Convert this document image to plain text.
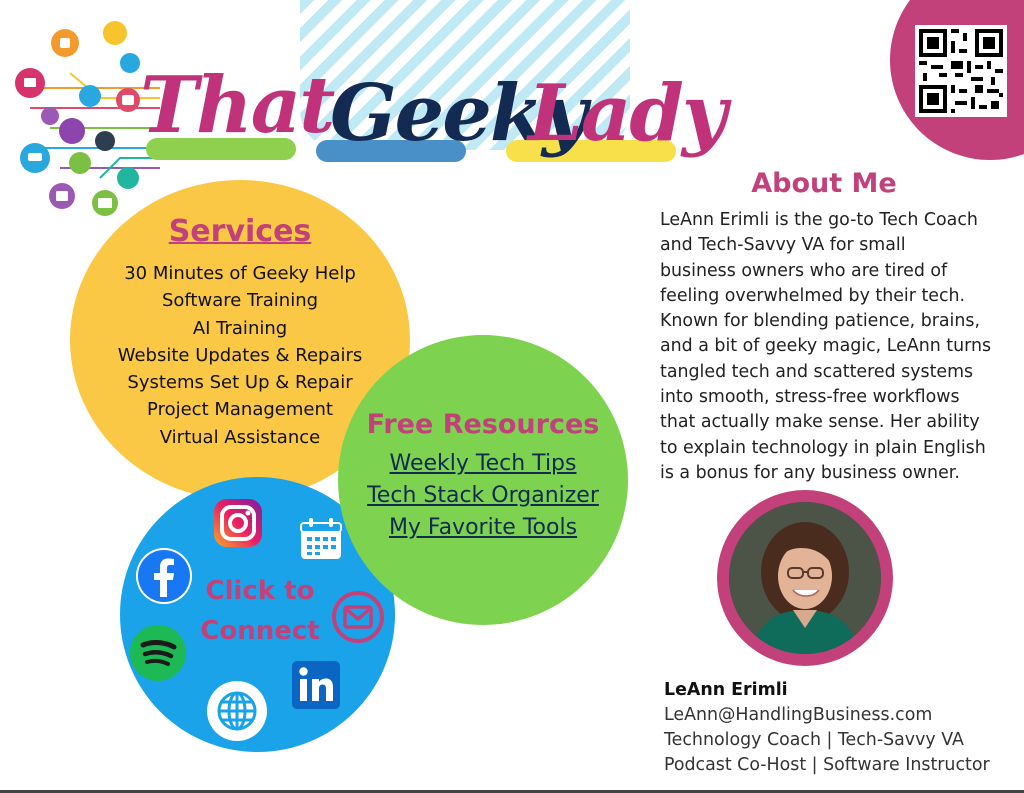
That
Geeky
Lady
Services
30 Minutes of Geeky Help
Software Training
AI Training
Website Updates & Repairs
Systems Set Up & Repair
Project Management
Virtual Assistance
Click to
Connect
Free Resources
Weekly Tech Tips
Tech Stack Organizer
My Favorite Tools
About Me
LeAnn Erimli is the go-to Tech Coach
and Tech-Savvy VA for small
business owners who are tired of
feeling overwhelmed by their tech.
Known for blending patience, brains,
and a bit of geeky magic, LeAnn turns
tangled tech and scattered systems
into smooth, stress-free workflows
that actually make sense. Her ability
to explain technology in plain English
is a bonus for any business owner.
LeAnn Erimli
LeAnn@HandlingBusiness.com
Technology Coach | Tech-Savvy VA
Podcast Co-Host | Software Instructor
